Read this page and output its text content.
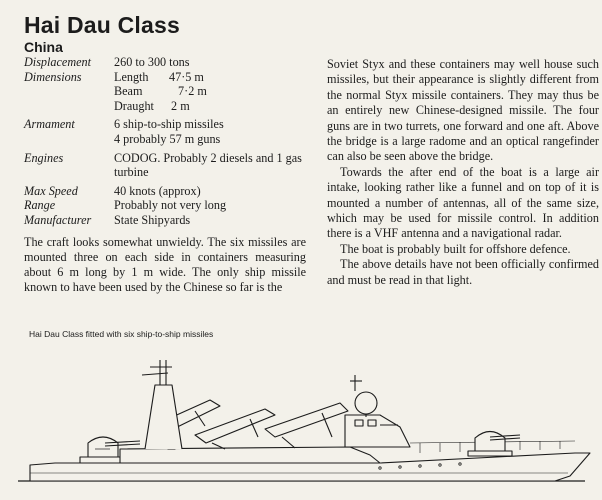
Hai Dau Class
China
Displacement	260 to 300 tons
Dimensions	Length 47·5 m
Beam 7·2 m
Draught 2 m

Armament	6 ship-to-ship missiles
4 probably 57 m guns

Engines	CODOG. Probably 2 diesels and 1 gas turbine
Max Speed	40 knots (approx)
Range	Probably not very long
Manufacturer	State Shipyards

The craft looks somewhat unwieldy. The six missiles are mounted three on each side in containers measuring about 6 m long by 1 m wide. The only ship missile known to have been used by the Chinese so far is the

Soviet Styx and these containers may well house such missiles, but their appearance is slightly different from the normal Styx missile containers. They may thus be an entirely new Chinese-designed missile. The four guns are in two turrets, one forward and one aft. Above the bridge is a large radome and an optical rangefinder can also be seen above the bridge.

Towards the after end of the boat is a large air intake, looking rather like a funnel and on top of it is mounted a number of antennas, all of the same size, which may be used for missile control. In addition there is a VHF antenna and a navigational radar.

The boat is probably built for offshore defence.

The above details have not been officially confirmed and must be read in that light.

Hai Dau Class fitted with six ship-to-ship missiles
